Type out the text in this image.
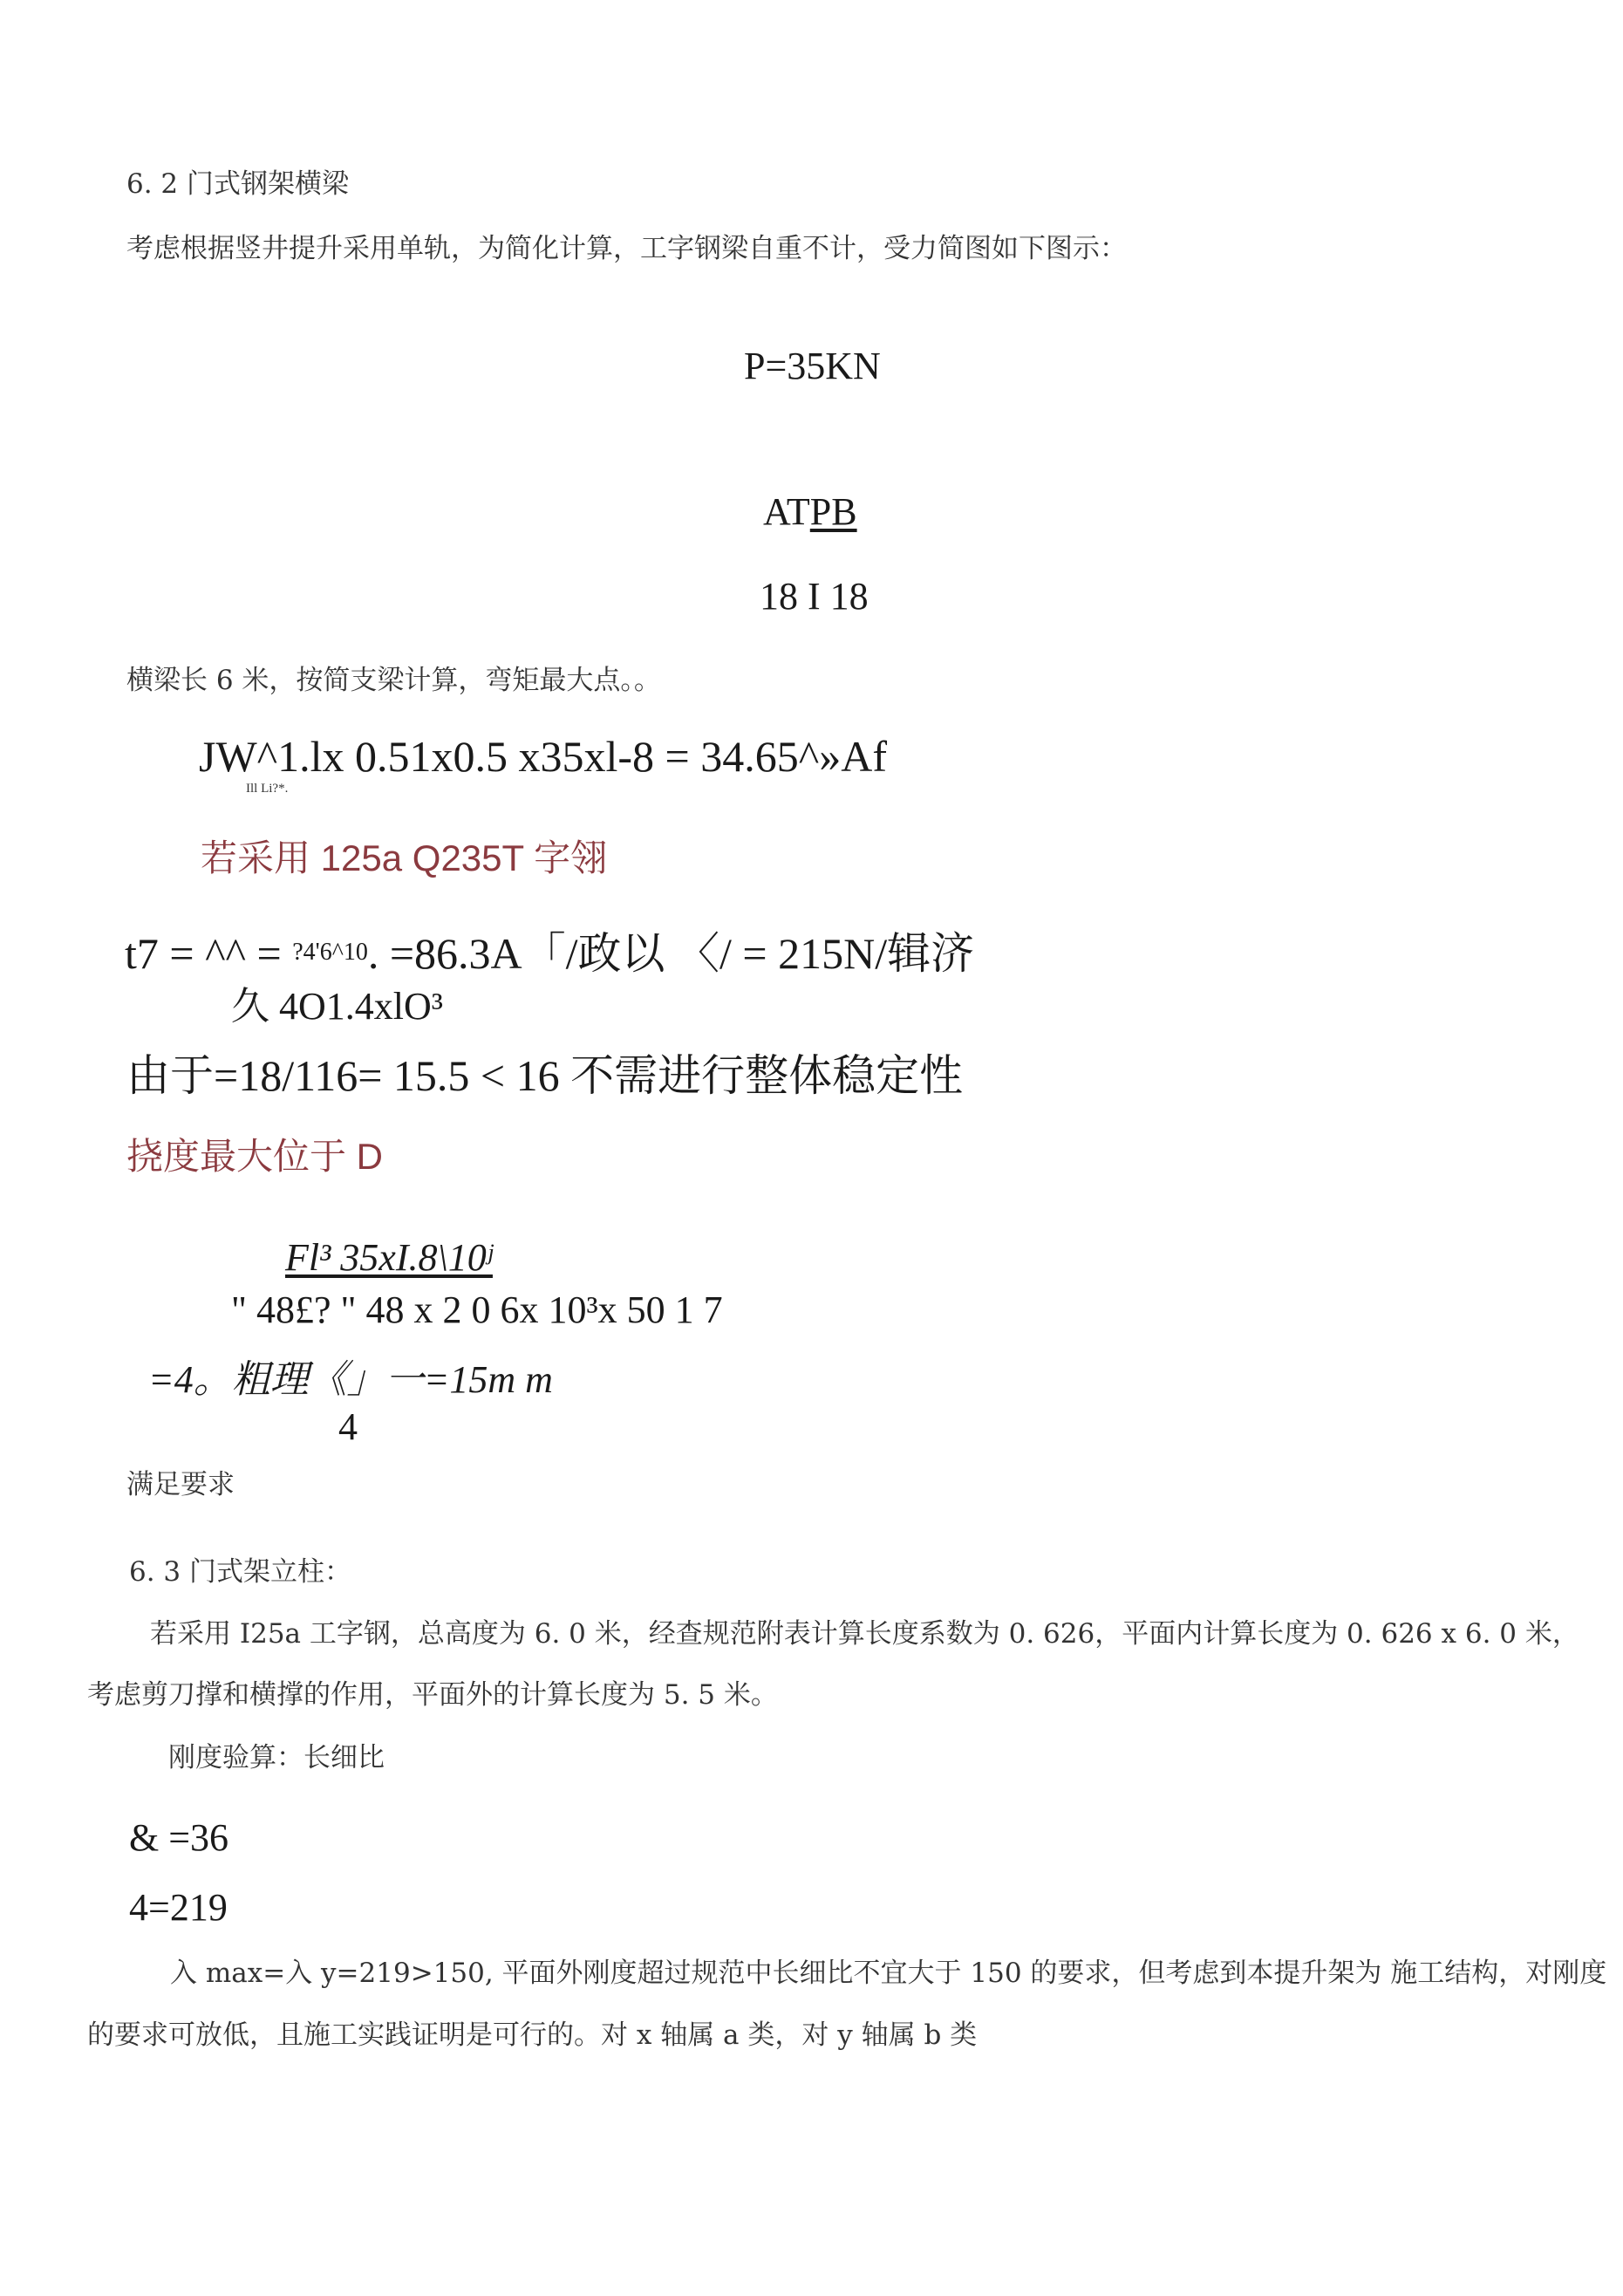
6. 2 门式钢架横梁
考虑根据竖井提升采用单轨，为简化计算，工字钢梁自重不计，受力简图如下图示：
P=35KN
ATPB
18 I 18
横梁长 6 米，按简支梁计算，弯矩最大点。。
JW^1.lx 0.51x0.5 x35xl-8 = 34.65^»Af
Ill Li?*.
若采用 125a Q235T 字翎
t7 = ^^ = $^{?4'6\^{}10}$. =86.3A「/政以 〈/ = 215N/辑济
久 4O1.4xlO³
由于=18/116= 15.5 < 16 不需进行整体稳定性
挠度最大位于 D
Fl³ 35xI.8\10ʲ
" 48£? " 48 x 2 0 6x 10³x 50 1 7
=4。粗理《」一=15m m
4
满足要求
6. 3 门式架立柱：
若采用 I25a 工字钢，总高度为 6. 0 米，经查规范附表计算长度系数为 0. 626，平面内计算长度为 0. 626 x 6. 0 米，
考虑剪刀撑和横撑的作用，平面外的计算长度为 5. 5 米。
刚度验算：长细比
& =36
4=219
入 max=入 y=219>150, 平面外刚度超过规范中长细比不宜大于 150 的要求，但考虑到本提升架为 施工结构，对刚度
的要求可放低，且施工实践证明是可行的。对 x 轴属 a 类，对 y 轴属 b 类
